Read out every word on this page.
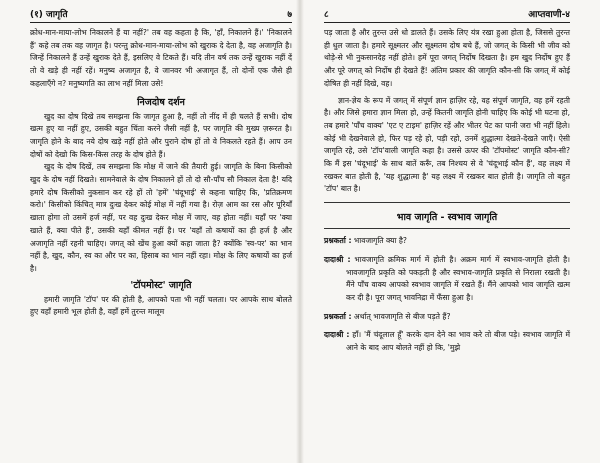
(१) जागृति	७

क्रोध-मान-माया-लोभ निकालने हैं या नहीं?' तब वह कहता है कि, 'हाँ, निकालने हैं।' 'निकालने हैं' कहे तब तक वह जागृत है। परन्तु क्रोध-मान-माया-लोभ को खुराक दे देता है, वह अजागृति है। जिन्हें निकालने हैं उन्हें खुराक देते हैं, इसलिए वे टिकते हैं। यदि तीन वर्ष तक उन्हें खुराक नहीं दें तो वे खड़े ही नहीं रहें। मनुष्य अजागृत है, वे जानवर भी अजागृत हैं, तो दोनों एक जैसे ही कहलाएँगे न? मनुष्यगति का लाभ नहीं मिला उसे!

निजदोष दर्शन

खुद का दोष दिखे तब समझना कि जागृत हुआ है, नहीं तो नींद में ही चलते हैं सभी। दोष खत्म हुए या नहीं हुए, उसकी बहुत चिंता करने जैसी नहीं है, पर जागृति की मुख्य ज़रूरत है। जागृति होने के बाद नये दोष खड़े नहीं होते और पुराने दोष हों तो वे निकलते रहते हैं। आप उन दोषों को देखो कि किस-किस तरह के दोष होते हैं।

खुद के दोष दिखें, तब समझना कि मोक्ष में जाने की तैयारी हुई। जागृति के बिना किसीको खुद के दोष नहीं दिखते। सामनेवाले के दोष निकालने हों तो दो सौ-पाँच सौ निकाल देता है! यदि हमारे दोष किसीको नुकसान कर रहे हों तो 'हमें' 'चंदूभाई' से कहना चाहिए कि, 'प्रतिक्रमण करो।' किसीको किंचित् मात्र दुःख देकर कोई मोक्ष में नहीं गया है। रोज़ आम का रस और पूरियाँ खाता होगा तो उसमें हर्ज नहीं, पर वह दुःख देकर मोक्ष में जाए, वह होता नहीं। यहाँ पर 'क्या खाते हैं, क्या पीते हैं', उसकी यहाँ कीमत नहीं है। पर 'यहाँ तो कषायों का ही हर्ज है और अजागृति नहीं रहनी चाहिए। जगत् को खेंच हुआ क्यों कहा जाता है? क्योंकि 'स्व-पर' का भान नहीं है, खुद, कौन, स्व का और पर का, हिसाब का भान नहीं रहा। मोक्ष के लिए कषायों का हर्ज है।

'टॉपमोस्ट' जागृति

हमारी जागृति 'टॉप' पर की होती है, आपको पता भी नहीं चलता। पर आपके साथ बोलते हुए वहाँ हमारी भूल होती है, वहाँ हमें तुरन्त मालूम

८	आप्तवाणी-४

पड़ जाता है और तुरन्त उसे धो डालते हैं। उसके लिए यंत्र रखा हुआ होता है, जिससे तुरन्त ही धुल जाता है। हमारे सूक्ष्मतर और सूक्ष्मतम दोष बचे हैं, जो जगत् के किसी भी जीव को थोड़े-से भी नुकसानदेह नहीं होते। हमें पूरा जगत् निर्दोष दिखता है। हम खुद निर्दोष हुए हैं और पूरे जगत् को निर्दोष ही देखते हैं! अंतिम प्रकार की जागृति कौन-सी कि जगत् में कोई दोषित ही नहीं दिखे, वह।

ज्ञान-ज्ञेय के रूप में जगत् में संपूर्ण ज्ञान हाज़िर रहे, वह संपूर्ण जागृति, वह हमें रहती है। और जिसे हमारा ज्ञान मिला हो, उन्हें कितनी जागृति होनी चाहिए कि कोई भी घटना हो, तब हमारे 'पाँच वाक्य' 'एट ए टाइम' हाज़िर रहें और भीतर पेट का पानी जरा भी नहीं हिले। कोई भी देखनेवाले हो, फिर पड़ रहे हो, पड़ी रहो, उनमें शुद्धात्मा देखते-देखते जाएँ। ऐसी जागृति रहे, उसे 'टॉप'वाली जागृति कहा है। उससे ऊपर की 'टॉपमोस्ट' जागृति कौन-सी? कि मैं इस 'चंदूभाई' के साथ बातें करूँ, तब निश्चय से वे 'चंदूभाई कौन हैं', वह लक्ष्य में रखकर बात होती है, 'यह शुद्धात्मा है' यह लक्ष्य में रखकर बात होती है। जागृति तो बहुत 'टॉप' बात है।

भाव जागृति - स्वभाव जागृति

प्रश्नकर्ता : भावजागृति क्या है?

दादाश्री : भावजागृति क्रमिक मार्ग में होती है। अक्रम मार्ग में स्वभाव-जागृति होती है। भावजागृति प्रकृति को पकड़ती है और स्वभाव-जागृति प्रकृति से निराला रखती है। मैंने पाँच वाक्य आपको स्वभाव जागृति में रखते हैं। मैंने आपको भाव जागृति खत्म कर दी है। पूरा जगत् भावनिद्रा में फँसा हुआ है।

प्रश्नकर्ता : अर्थात् भावजागृति से बीज पड़ते हैं?

दादाश्री : हाँ। 'मैं चंदूलाल हूँ' करके दान देने का भाव करे तो बीज पड़े। स्वभाव जागृति में आने के बाद आप बोलते नहीं हो कि, 'मुझे
